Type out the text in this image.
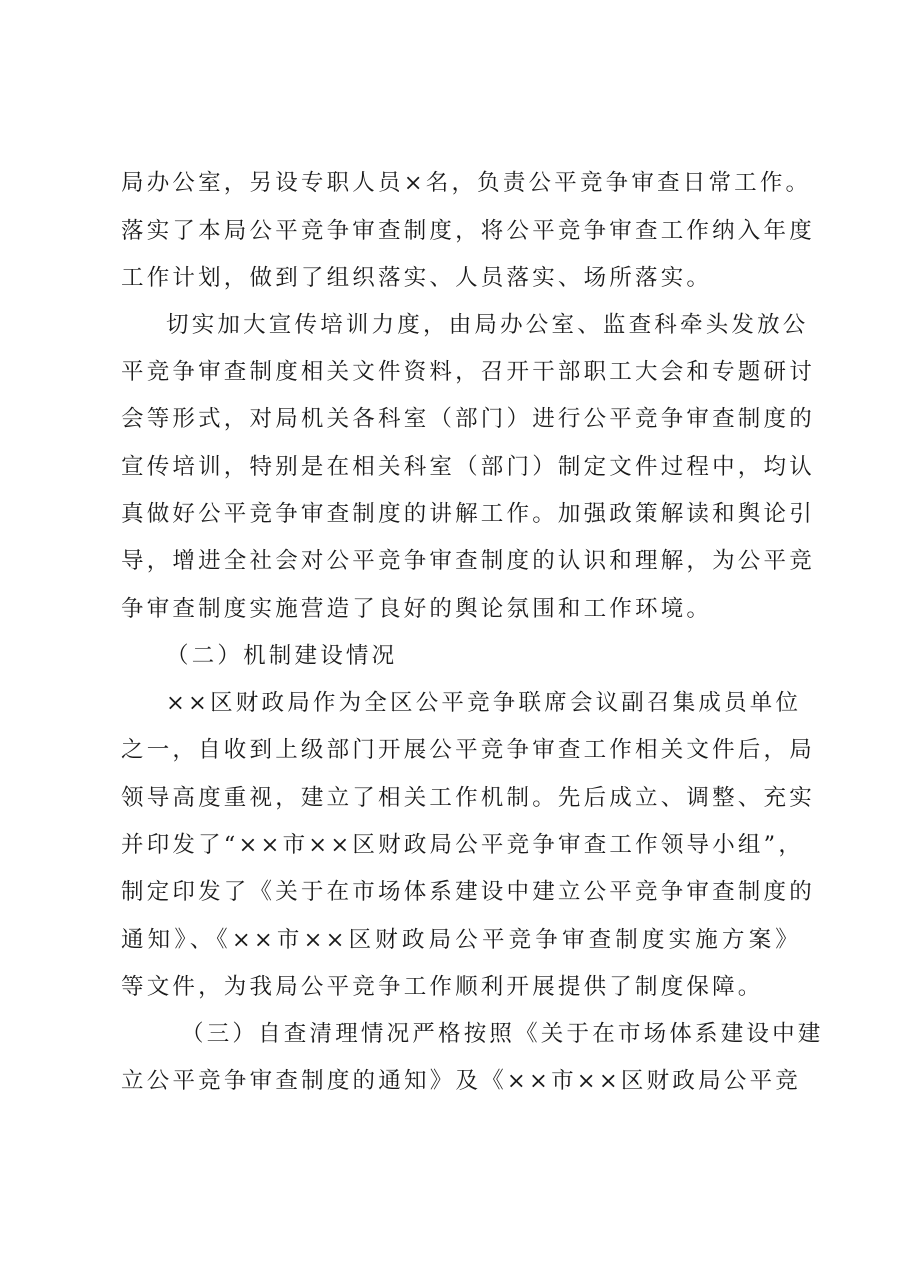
局办公室，另设专职人员×名，负责公平竞争审查日常工作。
落实了本局公平竞争审查制度，将公平竞争审查工作纳入年度
工作计划，做到了组织落实、人员落实、场所落实。
切实加大宣传培训力度，由局办公室、监查科牵头发放公
平竞争审查制度相关文件资料，召开干部职工大会和专题研讨
会等形式，对局机关各科室（部门）进行公平竞争审查制度的
宣传培训，特别是在相关科室（部门）制定文件过程中，均认
真做好公平竞争审查制度的讲解工作。加强政策解读和舆论引
导，增进全社会对公平竞争审查制度的认识和理解，为公平竞
争审查制度实施营造了良好的舆论氛围和工作环境。
（二）机制建设情况
××区财政局作为全区公平竞争联席会议副召集成员单位
之一，自收到上级部门开展公平竞争审查工作相关文件后，局
领导高度重视，建立了相关工作机制。先后成立、调整、充实
并印发了“××市××区财政局公平竞争审查工作领导小组”，
制定印发了《关于在市场体系建设中建立公平竞争审查制度的
通知》、《××市××区财政局公平竞争审查制度实施方案》
等文件，为我局公平竞争工作顺利开展提供了制度保障。
（三）自查清理情况严格按照《关于在市场体系建设中建
立公平竞争审查制度的通知》及《××市××区财政局公平竞
